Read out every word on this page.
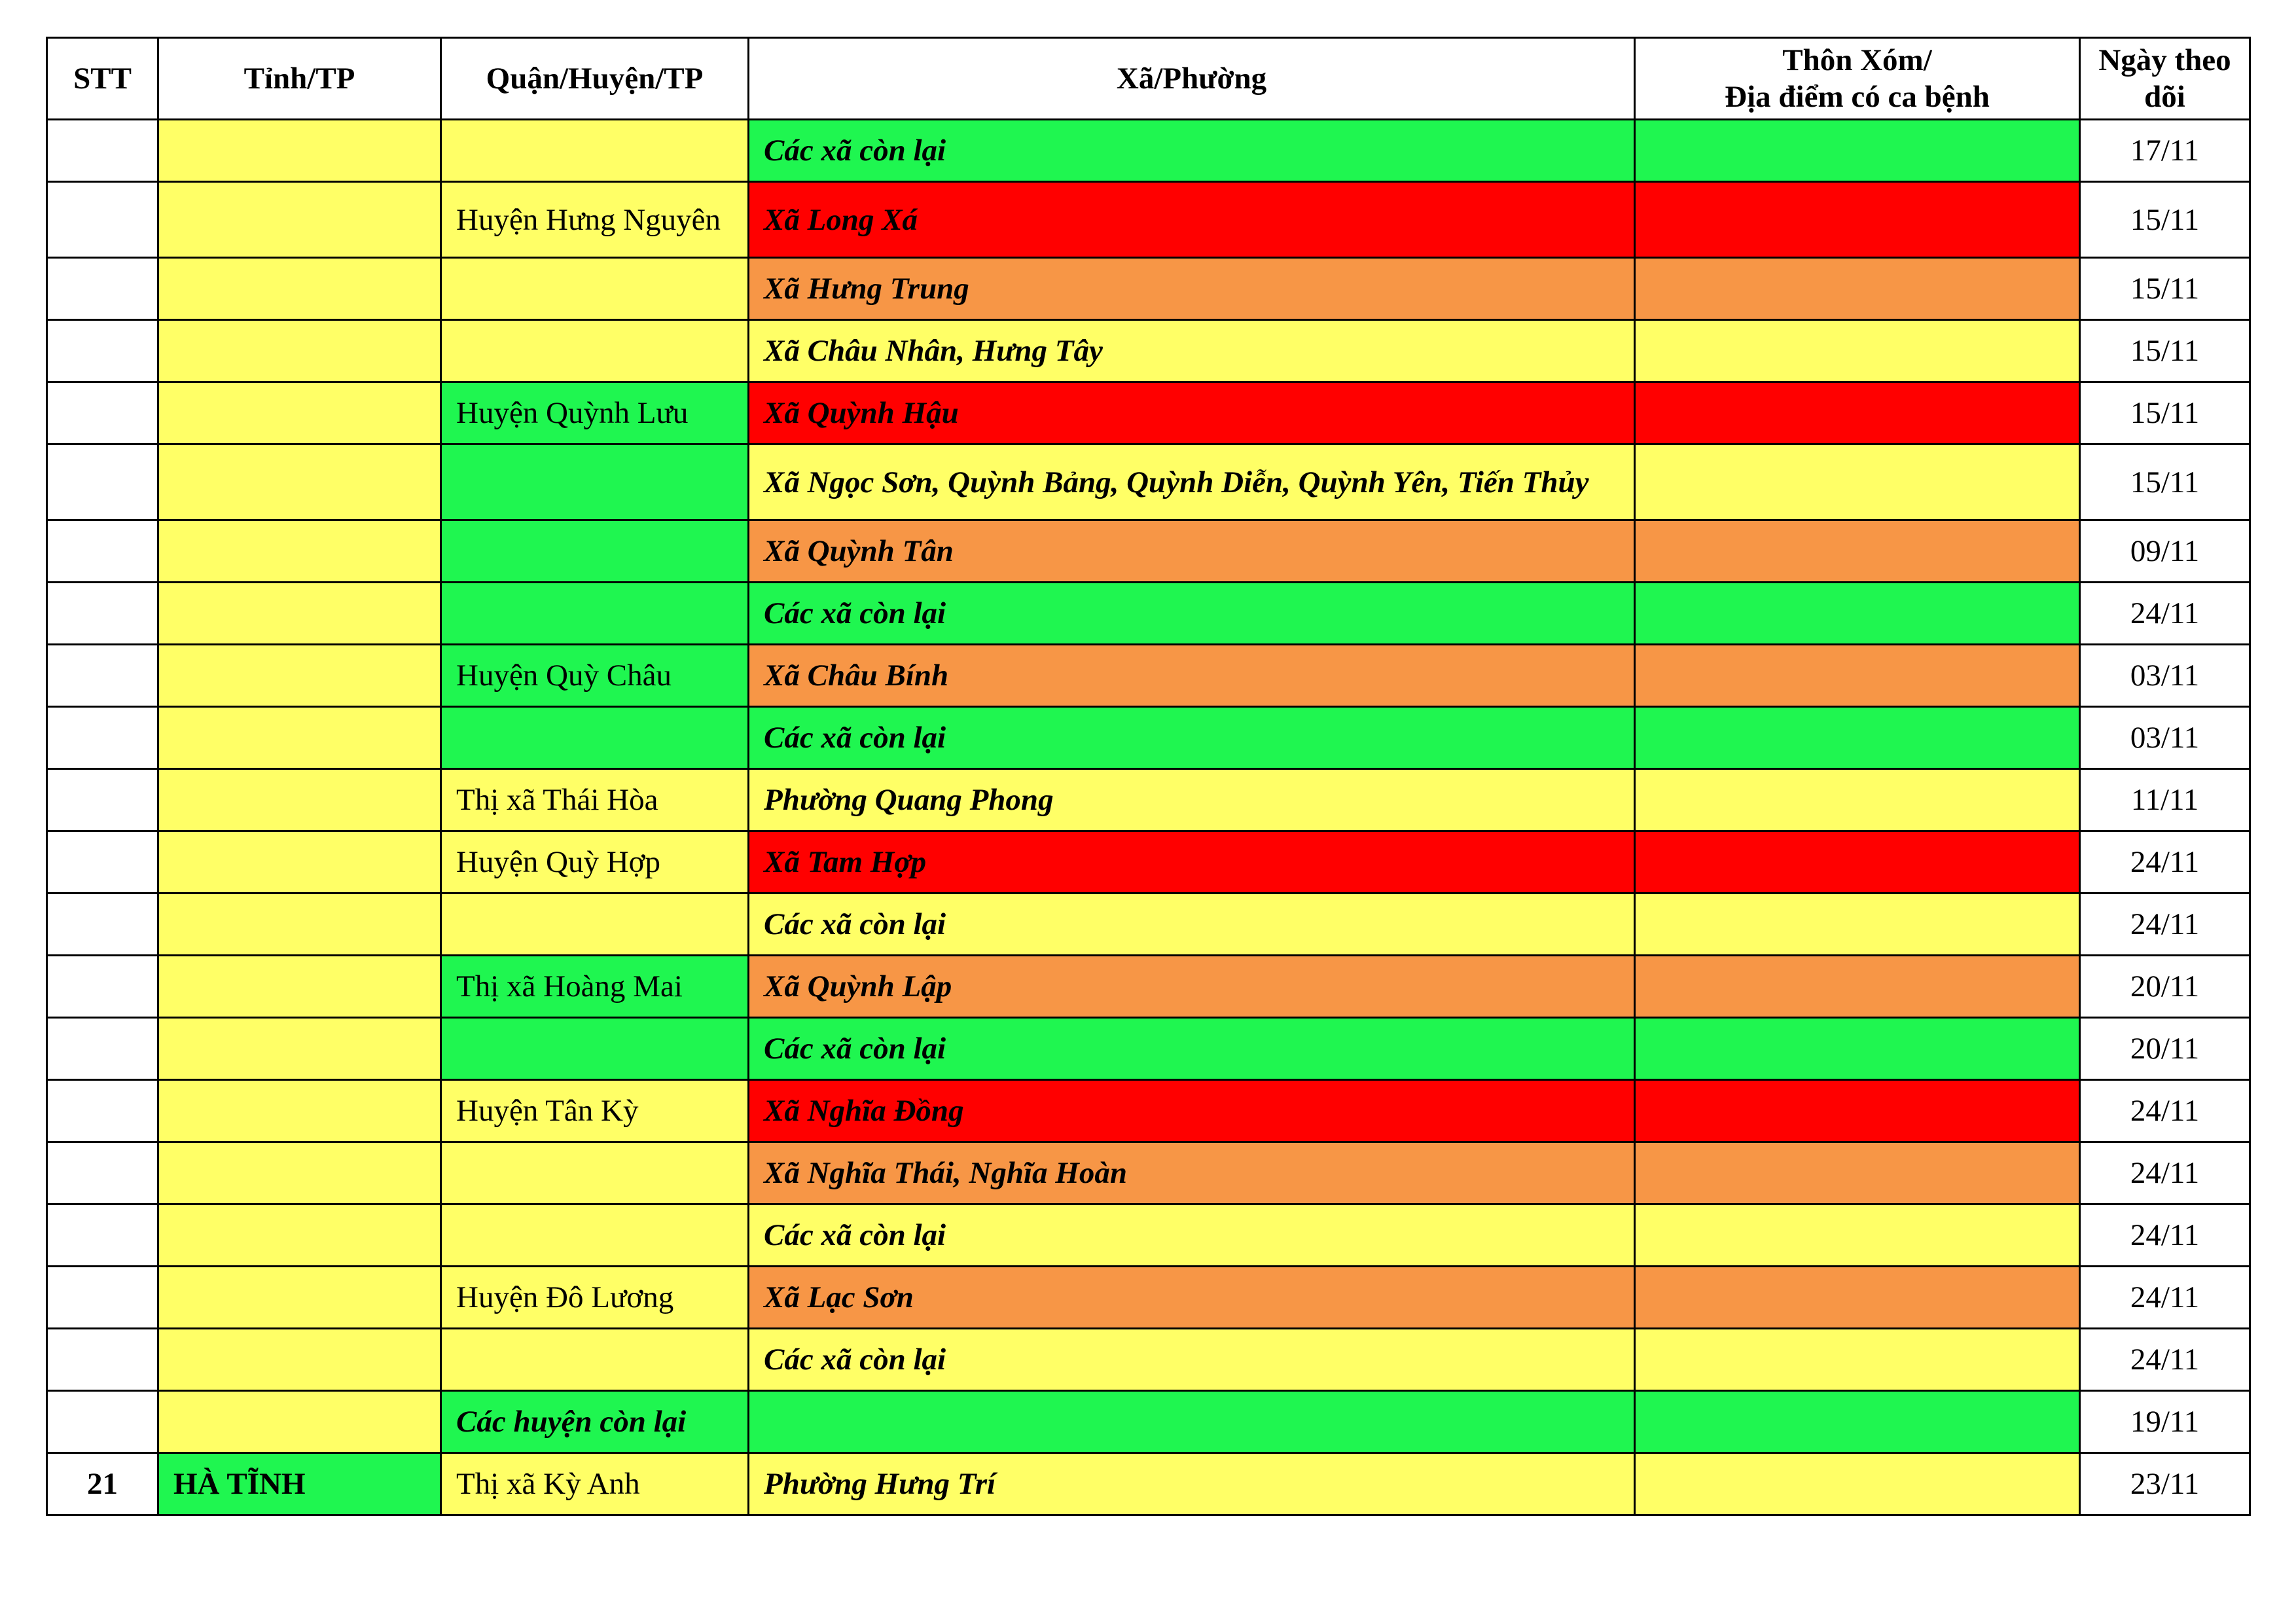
STT	Tỉnh/TP	Quận/Huyện/TP	Xã/Phường	Thôn Xóm/
Địa điểm có ca bệnh	Ngày theo dõi
			Các xã còn lại		17/11
		Huyện Hưng Nguyên	Xã Long Xá		15/11
			Xã Hưng Trung		15/11
			Xã Châu Nhân, Hưng Tây		15/11
		Huyện Quỳnh Lưu	Xã Quỳnh Hậu		15/11
			Xã Ngọc Sơn, Quỳnh Bảng, Quỳnh Diễn, Quỳnh Yên, Tiến Thủy		15/11
			Xã Quỳnh Tân		09/11
			Các xã còn lại		24/11
		Huyện Quỳ Châu	Xã Châu Bính		03/11
			Các xã còn lại		03/11
		Thị xã Thái Hòa	Phường Quang Phong		11/11
		Huyện Quỳ Hợp	Xã Tam Hợp		24/11
			Các xã còn lại		24/11
		Thị xã Hoàng Mai	Xã Quỳnh Lập		20/11
			Các xã còn lại		20/11
		Huyện Tân Kỳ	Xã Nghĩa Đồng		24/11
			Xã Nghĩa Thái, Nghĩa Hoàn		24/11
			Các xã còn lại		24/11
		Huyện Đô Lương	Xã Lạc Sơn		24/11
			Các xã còn lại		24/11
		Các huyện còn lại			19/11
21	HÀ TĨNH	Thị xã Kỳ Anh	Phường Hưng Trí		23/11
